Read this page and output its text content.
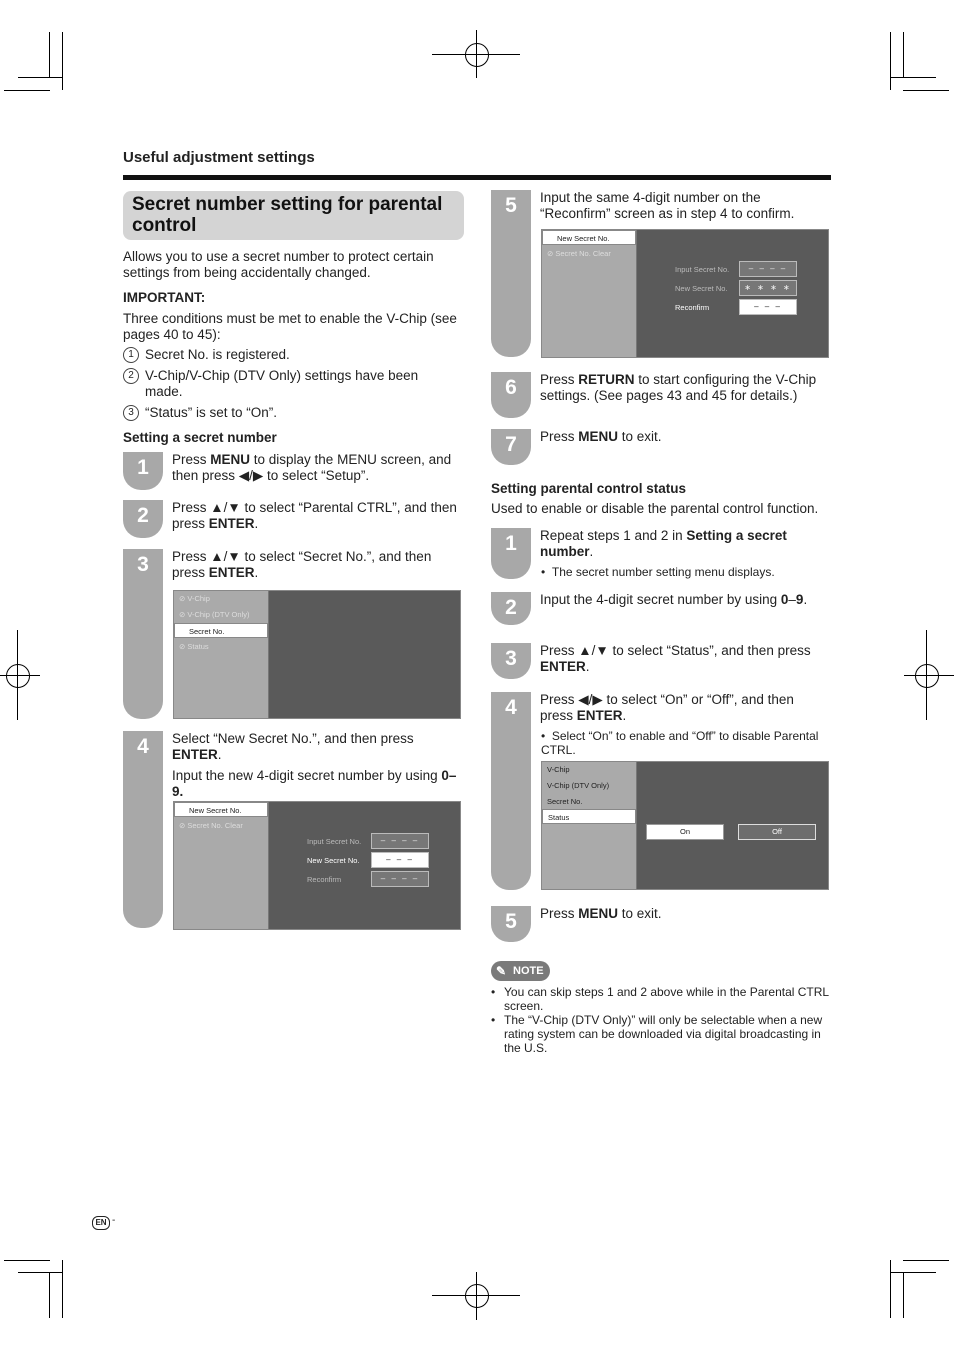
Useful adjustment settings
Secret number setting for parental control

Allows you to use a secret number to protect certain settings from being accidentally changed.

IMPORTANT:

Three conditions must be met to enable the V-Chip (see pages 40 to 45):

1 Secret No. is registered.
2 V-Chip/V-Chip (DTV Only) settings have been made.
3 “Status” is set to “On”.
Setting a secret number
1	Press MENU to display the MENU screen, and then press ◀/▶ to select “Setup”.

2	Press ▲/▼ to select “Parental CTRL”, and then press ENTER.

3	Press ▲/▼ to select “Secret No.”, and then press ENTER.

⊘ V-Chip
⊘ V-Chip (DTV Only)
Secret No.
⊘ Status
4	Select “New Secret No.”, and then press ENTER.

Input the new 4-digit secret number by using 0–9.

New Secret No.
⊘ Secret No. Clear
Input Secret No.	– – – –
New Secret No.	– – –
Reconfirm	– – – –
5	Input the same 4-digit number on the “Reconfirm” screen as in step 4 to confirm.

New Secret No.
⊘ Secret No. Clear
Input Secret No.	– – – –
New Secret No.	∗ ∗ ∗ ∗
Reconfirm	– – –
6	Press RETURN to start configuring the V-Chip settings. (See pages 43 and 45 for details.)

7	Press MENU to exit.

Setting parental control status

Used to enable or disable the parental control function.

1	Repeat steps 1 and 2 in Setting a secret number.

•  The secret number setting menu displays.
2	Input the 4-digit secret number by using 0–9.

3	Press ▲/▼ to select “Status”, and then press ENTER.

4	Press ◀/▶ to select “On” or “Off”, and then press ENTER.

•  Select “On” to enable and “Off” to disable Parental CTRL.
V-Chip
V-Chip (DTV Only)
Secret No.
Status
On	Off
5	Press MENU to exit.

✎ NOTE
• You can skip steps 1 and 2 above while in the Parental CTRL screen.
• The “V-Chip (DTV Only)” will only be selectable when a new rating system can be downloaded via digital broadcasting in the U.S.
EN -
